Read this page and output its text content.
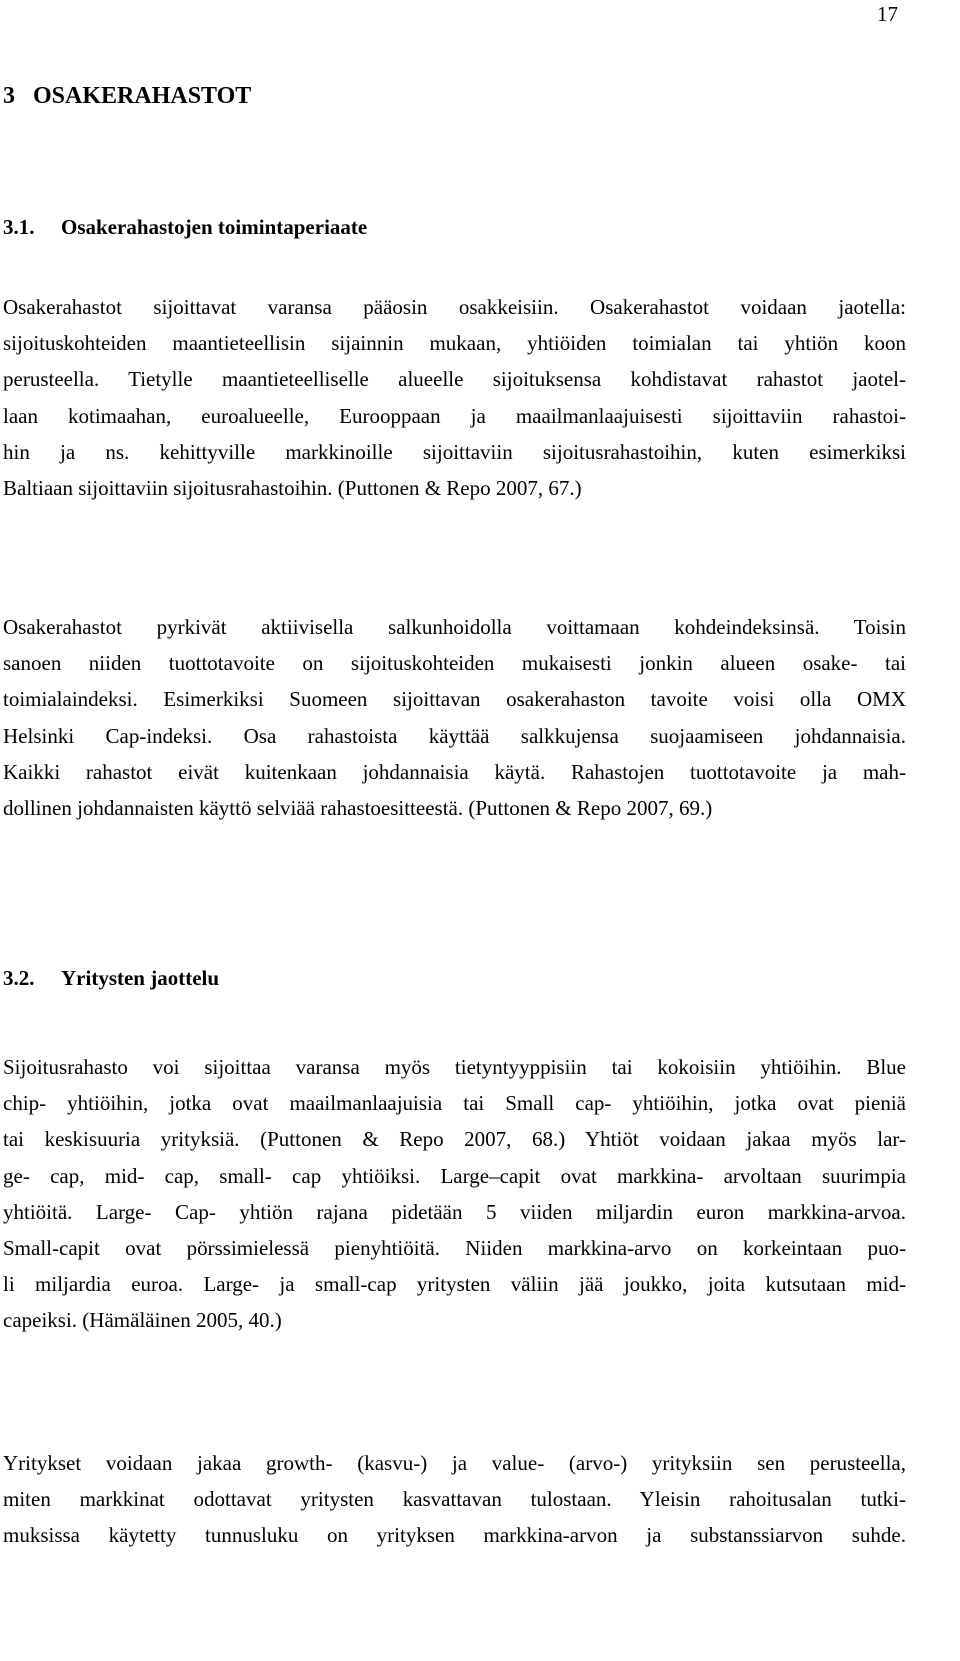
17
3   OSAKERAHASTOT
3.1. Osakerahastojen toimintaperiaate

Osakerahastot sijoittavat varansa pääosin osakkeisiin. Osakerahastot voidaan jaotella:
sijoituskohteiden maantieteellisin sijainnin mukaan, yhtiöiden toimialan tai yhtiön koon
perusteella. Tietylle maantieteelliselle alueelle sijoituksensa kohdistavat rahastot jaotel-
laan kotimaahan, euroalueelle, Eurooppaan ja maailmanlaajuisesti sijoittaviin rahastoi-
hin ja ns. kehittyville markkinoille sijoittaviin sijoitusrahastoihin, kuten esimerkiksi
Baltiaan sijoittaviin sijoitusrahastoihin. (Puttonen & Repo 2007, 67.)

Osakerahastot pyrkivät aktiivisella salkunhoidolla voittamaan kohdeindeksinsä. Toisin
sanoen niiden tuottotavoite on sijoituskohteiden mukaisesti jonkin alueen osake- tai
toimialaindeksi. Esimerkiksi Suomeen sijoittavan osakerahaston tavoite voisi olla OMX
Helsinki Cap-indeksi. Osa rahastoista käyttää salkkujensa suojaamiseen johdannaisia.
Kaikki rahastot eivät kuitenkaan johdannaisia käytä. Rahastojen tuottotavoite ja mah-
dollinen johdannaisten käyttö selviää rahastoesitteestä. (Puttonen & Repo 2007, 69.)

3.2. Yritysten jaottelu

Sijoitusrahasto voi sijoittaa varansa myös tietyntyyppisiin tai kokoisiin yhtiöihin. Blue
chip- yhtiöihin, jotka ovat maailmanlaajuisia tai Small cap- yhtiöihin, jotka ovat pieniä
tai keskisuuria yrityksiä. (Puttonen & Repo 2007, 68.) Yhtiöt voidaan jakaa myös lar-
ge- cap, mid- cap, small- cap yhtiöiksi. Large–capit ovat markkina- arvoltaan suurimpia
yhtiöitä. Large- Cap- yhtiön rajana pidetään 5 viiden miljardin euron markkina-arvoa.
Small-capit ovat pörssimielessä pienyhtiöitä. Niiden markkina-arvo on korkeintaan puo-
li miljardia euroa. Large- ja small-cap yritysten väliin jää joukko, joita kutsutaan mid-
capeiksi. (Hämäläinen 2005, 40.)

Yritykset voidaan jakaa growth- (kasvu-) ja value- (arvo-) yrityksiin sen perusteella,
miten markkinat odottavat yritysten kasvattavan tulostaan. Yleisin rahoitusalan tutki-
muksissa käytetty tunnusluku on yrityksen markkina-arvon ja substanssiarvon suhde.
